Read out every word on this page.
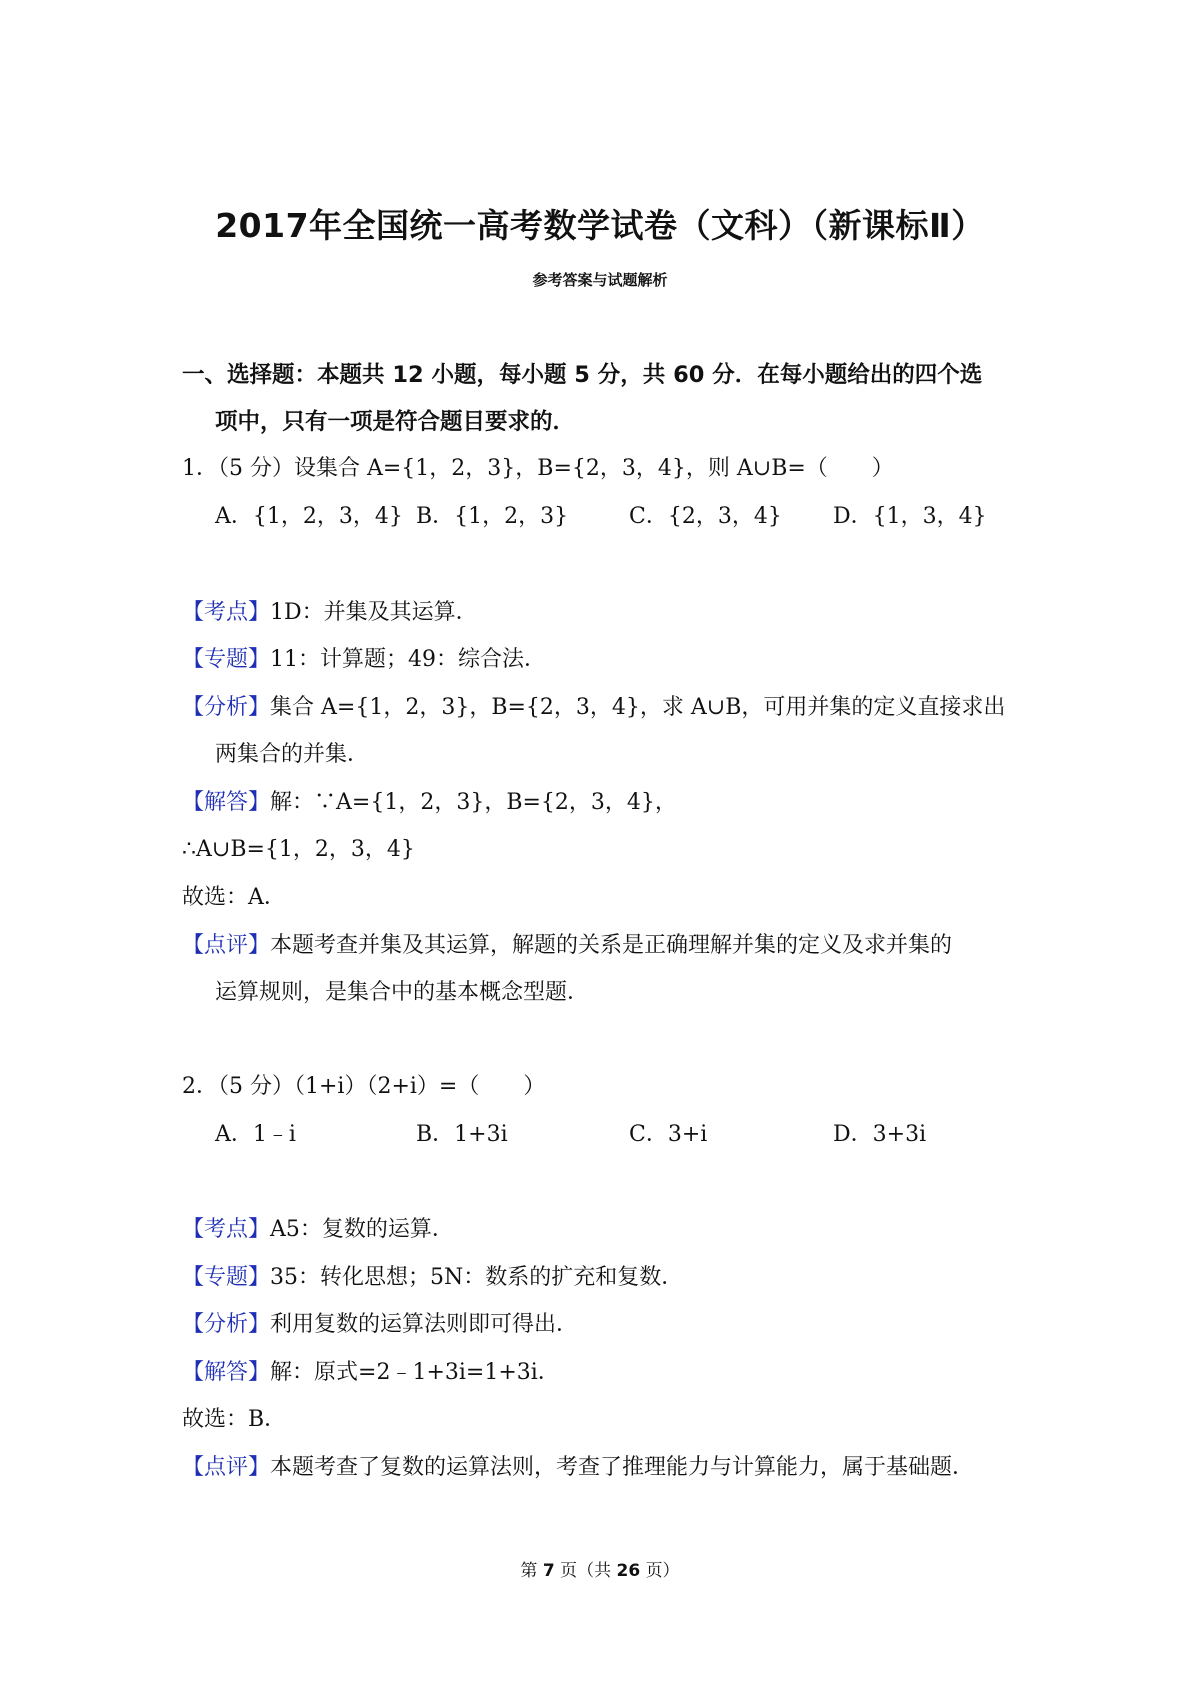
2017年全国统一高考数学试卷（文科）（新课标Ⅱ）
参考答案与试题解析
一、选择题：本题共 12 小题，每小题 5 分，共 60 分．在每小题给出的四个选
项中，只有一项是符合题目要求的．
1．（5 分）设集合 A={1，2，3}，B={2，3，4}，则 A∪B=（　　）
A．{1，2，3，4} B．{1，2，3}	C．{2，3，4} D．{1，3，4}
【考点】1D：并集及其运算．
【专题】11：计算题；49：综合法．
【分析】集合 A={1，2，3}，B={2，3，4}，求 A∪B，可用并集的定义直接求出
两集合的并集．
【解答】解：∵A={1，2，3}，B={2，3，4}，
∴A∪B={1，2，3，4}
故选：A．
【点评】本题考查并集及其运算，解题的关系是正确理解并集的定义及求并集的
运算规则，是集合中的基本概念型题．
2．（5 分）（1+i）（2+i）=（　　）
A．1﹣i	B．1+3i	C．3+i	D．3+3i
【考点】A5：复数的运算．
【专题】35：转化思想；5N：数系的扩充和复数．
【分析】利用复数的运算法则即可得出．
【解答】解：原式=2﹣1+3i=1+3i．
故选：B．
【点评】本题考查了复数的运算法则，考查了推理能力与计算能力，属于基础题．
第 7 页（共 26 页）
